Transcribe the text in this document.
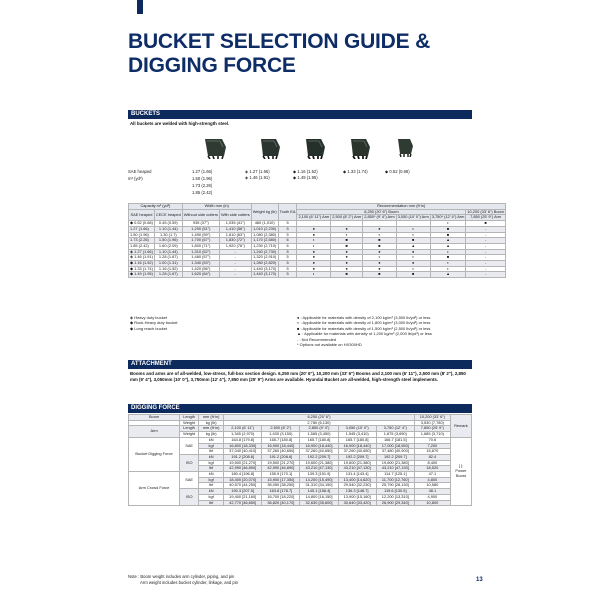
BUCKET SELECTION GUIDE &
DIGGING FORCE
BUCKETS
All buckets are welded with high-strength steel.
SAE heaped
m³ (yd³)
1.27 (1.66)
1.50 (1.96)
1.73 (2.26)
1.85 (2.42)
◈ 1.27 (1.66)
◈ 1.46 (1.91)
◆ 1.16 (1.52)
◆ 1.49 (1.95)
◆ 1.33 (1.74)	◆ 0.52 (0.68)
Capacity m³ (yd³)		Width mm (in)		Weight kg (lb)	Tooth EA	Recommendation mm (ft·in)					
SAE heaped	CECE heaped	Without side cutters	With side cutters			6,250 (20' 6") Boom					10,200 (33' 6") Boom
						2,100 (6' 11") Arm	2,500 (8' 2") Arm	2,850* (9' 4") Arm	3,050 (10' 0") Arm	3,750* (12' 4") Arm	7,850 (25' 9") Arm
◆ 0.52 (0.68)	0.45 (0.59)	935 (37")	1,035 (41")	460 (1,010)	5					◐	■
1.27 (1.66)	1.10 (1.44)	1,290 (51")	1,410 (56")	1,010 (2,230)	5	●	●	●	◐	■	-
1.50 (1.96)	1.30 (1.7)	1,490 (59")	1,610 (63")	1,080 (2,380)	5	●	◐	◐	◐	■	-
1.73 (2.26)	1.50 (1.96)	1,700 (67")	1,830 (72")	1,170 (2,580)	6	◐	■	■	■	▲	-
1.85 (2.42)	1.60 (2.09)	1,800 (71")	1,920 (76")	1,230 (2,710)	6	◐	■	■	▲	▲	-
◈ 1.27 (1.66)	1.10 (1.44)	1,310 (52")	-	1,240 (2,730)	5	●	●	●	●	◐	-
◈ 1.46 (1.91)	1.28 (1.67)	1,460 (57")	-	1,320 (2,910)	5	●	●	◐	◐	■	-
◆ 1.16 (1.52)	1.00 (1.31)	1,340 (53")	-	1,280 (2,820)	5	●	●	●	●	◐	-
◆ 1.33 (1.74)	1.16 (1.52)	1,420 (56")	-	1,440 (3,170)	5	●	●	●	◐	◐	-
◆ 1.49 (1.95)	1.28 (1.67)	1,620 (64")	-	1,440 (3,170)	5	◐	■	■	■	▲	-
◈ Heavy duty bucket
◆ Rock-Heavy duty bucket
◆ Long reach bucket
● : Applicable for materials with density of 2,100 kg/m³ (3,500 lb/yd³) or less
◐ : Applicable for materials with density of 1,800 kg/m³ (3,000 lb/yd³) or less
■ : Applicable for materials with density of 1,500 kg/m³ (2,500 lb/yd³) or less
▲ : Applicable for materials with density of 1,200 kg/m³ (2,000 lb/yd³) or less
- : Not Recommended
* Options not available on HX300HD
ATTACHMENT
Booms and arms are of all-welded, low-stress, full-box section design. 6,250 mm (20' 6"), 10,200 mm (33' 6") Booms and 2,100 mm (6' 11"), 2,500 mm (8' 2"), 2,850 mm (9' 4"), 3,050mm (10' 0"), 3,750mm (12' 4"), 7,850 mm (25' 9") Arms are available. Hyundai Bucket are all-welded, high-strength steel implements.
DIGGING FORCE
Boom	Length	mm (ft·in)	6,250 (20' 6")					10,200 (33' 6")	Remark
	Weight	kg (lb)	2,780 (6,130)					3,530 (7,780)	
Arm	Length	mm (ft·in)	2,100 (6' 11")	2,500 (8' 2")	2,850 (9' 4")	3,050 (10' 0")	3,750 (12' 4")	7,850 (25' 9")	
	Weight	kg (lb)	1,345 (2,970)	1,430 (3,150)	1,565 (3,450)	1,545 (3,410)	1,675 (3,690)	1,685 (3,710)	
Bucket Digging Force	SAE	kN	164.8 [179.8]	165.7 [180.8]	165.7 [180.8]	165.7 [180.8]	166.7 [181.5]	70.6	[ ]:
Power
Boost
		kgf	16,800 [18,330]	16,900 [18,440]	16,900 [18,440]	16,900 [18,440]	17,000 [18,550]	7,200	
		lbf	37,040 [40,410]	37,260 [40,650]	37,260 [40,650]	37,260 [40,650]	37,480 [40,900]	15,870	
	ISO	kN	191.2 [208.6]	191.2 [208.6]	192.2 [209.7]	192.2 [209.7]	192.2 [209.7]	82.4	
		kgf	19,500 [21,270]	19,500 [21,270]	19,600 [21,380]	19,600 [21,380]	19,600 [21,380]	8,400	
		lbf	42,990 [46,890]	42,990 [46,890]	43,210 [47,130]	43,210 [47,130]	43,210 [47,130]	18,520	
Arm Crowd Force	SAE	kN	180.4 [196.8]	155.9 [170.1]	139.3 [151.9]	131.4 [143.4]	114.7 [125.1]	47.1	
		kgf	18,400 [20,070]	15,900 [17,350]	14,200 [15,490]	13,400 [14,620]	11,700 [12,760]	4,800	
		lbf	40,570 [44,250]	35,050 [38,250]	31,310 [34,150]	29,540 [32,230]	25,790 [28,130]	10,580	
	ISO	kN	190.3 [207.5]	163.8 [178.7]	145.1 [158.4]	136.3 [148.7]	119.6 [130.5]	48.1	
		kgf	19,400 [21,160]	16,700 [18,220]	14,800 [16,150]	13,900 [15,160]	12,200 [13,310]	4,900	
		lbf	42,770 [46,650]	36,820 [40,170]	32,630 [35,600]	30,640 [33,420]	26,900 [29,340]	10,800	
Note : Boom weight includes arm cylinder, piping, and pin
Arm weight includes bucket cylinder, linkage, and pin	13
